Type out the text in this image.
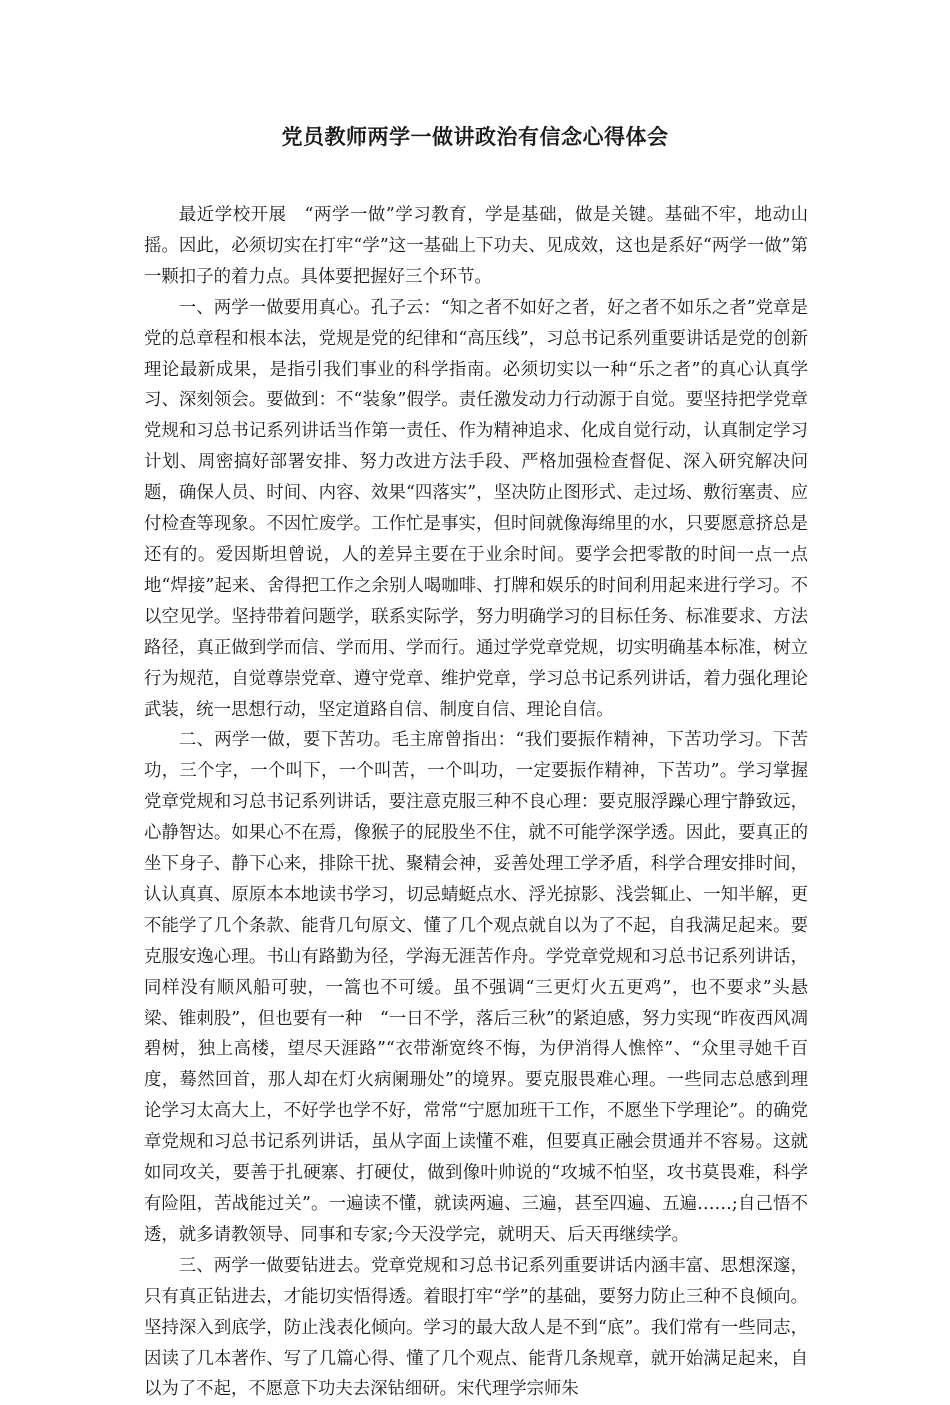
党员教师两学一做讲政治有信念心得体会

最近学校开展　“两学一做”学习教育，学是基础，做是关键。基础不牢，地动山摇。因此，必须切实在打牢“学”这一基础上下功夫、见成效，这也是系好“两学一做”第一颗扣子的着力点。具体要把握好三个环节。

一、两学一做要用真心。孔子云：“知之者不如好之者，好之者不如乐之者”党章是党的总章程和根本法，党规是党的纪律和“高压线”，习总书记系列重要讲话是党的创新理论最新成果，是指引我们事业的科学指南。必须切实以一种“乐之者”的真心认真学习、深刻领会。要做到：不“装象”假学。责任激发动力行动源于自觉。要坚持把学党章党规和习总书记系列讲话当作第一责任、作为精神追求、化成自觉行动，认真制定学习计划、周密搞好部署安排、努力改进方法手段、严格加强检查督促、深入研究解决问题，确保人员、时间、内容、效果“四落实”，坚决防止图形式、走过场、敷衍塞责、应付检查等现象。不因忙废学。工作忙是事实，但时间就像海绵里的水，只要愿意挤总是还有的。爱因斯坦曾说，人的差异主要在于业余时间。要学会把零散的时间一点一点地“焊接”起来、舍得把工作之余别人喝咖啡、打牌和娱乐的时间利用起来进行学习。不以空见学。坚持带着问题学，联系实际学，努力明确学习的目标任务、标准要求、方法路径，真正做到学而信、学而用、学而行。通过学党章党规，切实明确基本标准，树立行为规范，自觉尊崇党章、遵守党章、维护党章，学习总书记系列讲话，着力强化理论武装，统一思想行动，坚定道路自信、制度自信、理论自信。

二、两学一做，要下苦功。毛主席曾指出：“我们要振作精神，下苦功学习。下苦功，三个字，一个叫下，一个叫苦，一个叫功，一定要振作精神，下苦功”。学习掌握党章党规和习总书记系列讲话，要注意克服三种不良心理：要克服浮躁心理宁静致远，心静智达。如果心不在焉，像猴子的屁股坐不住，就不可能学深学透。因此，要真正的坐下身子、静下心来，排除干扰、聚精会神，妥善处理工学矛盾，科学合理安排时间，认认真真、原原本本地读书学习，切忌蜻蜓点水、浮光掠影、浅尝辄止、一知半解，更不能学了几个条款、能背几句原文、懂了几个观点就自以为了不起，自我满足起来。要克服安逸心理。书山有路勤为径，学海无涯苦作舟。学党章党规和习总书记系列讲话，同样没有顺风船可驶，一篙也不可缓。虽不强调“三更灯火五更鸡”，也不要求”头悬梁、锥刺股”，但也要有一种　“一日不学，落后三秋”的紧迫感，努力实现“昨夜西风凋碧树，独上高楼，望尽天涯路”“衣带渐宽终不悔，为伊消得人憔悴”、“众里寻她千百度，蓦然回首，那人却在灯火病阑珊处”的境界。要克服畏难心理。一些同志总感到理论学习太高大上，不好学也学不好，常常“宁愿加班干工作，不愿坐下学理论”。的确党章党规和习总书记系列讲话，虽从字面上读懂不难，但要真正融会贯通并不容易。这就如同攻关，要善于扎硬寨、打硬仗，做到像叶帅说的“攻城不怕坚，攻书莫畏难，科学有险阻，苦战能过关”。一遍读不懂，就读两遍、三遍，甚至四遍、五遍……;自己悟不透，就多请教领导、同事和专家;今天没学完，就明天、后天再继续学。

三、两学一做要钻进去。党章党规和习总书记系列重要讲话内涵丰富、思想深邃，只有真正钻进去，才能切实悟得透。着眼打牢“学”的基础，要努力防止三种不良倾向。坚持深入到底学，防止浅表化倾向。学习的最大敌人是不到“底”。我们常有一些同志，因读了几本著作、写了几篇心得、懂了几个观点、能背几条规章，就开始满足起来，自以为了不起，不愿意下功夫去深钻细研。宋代理学宗师朱
